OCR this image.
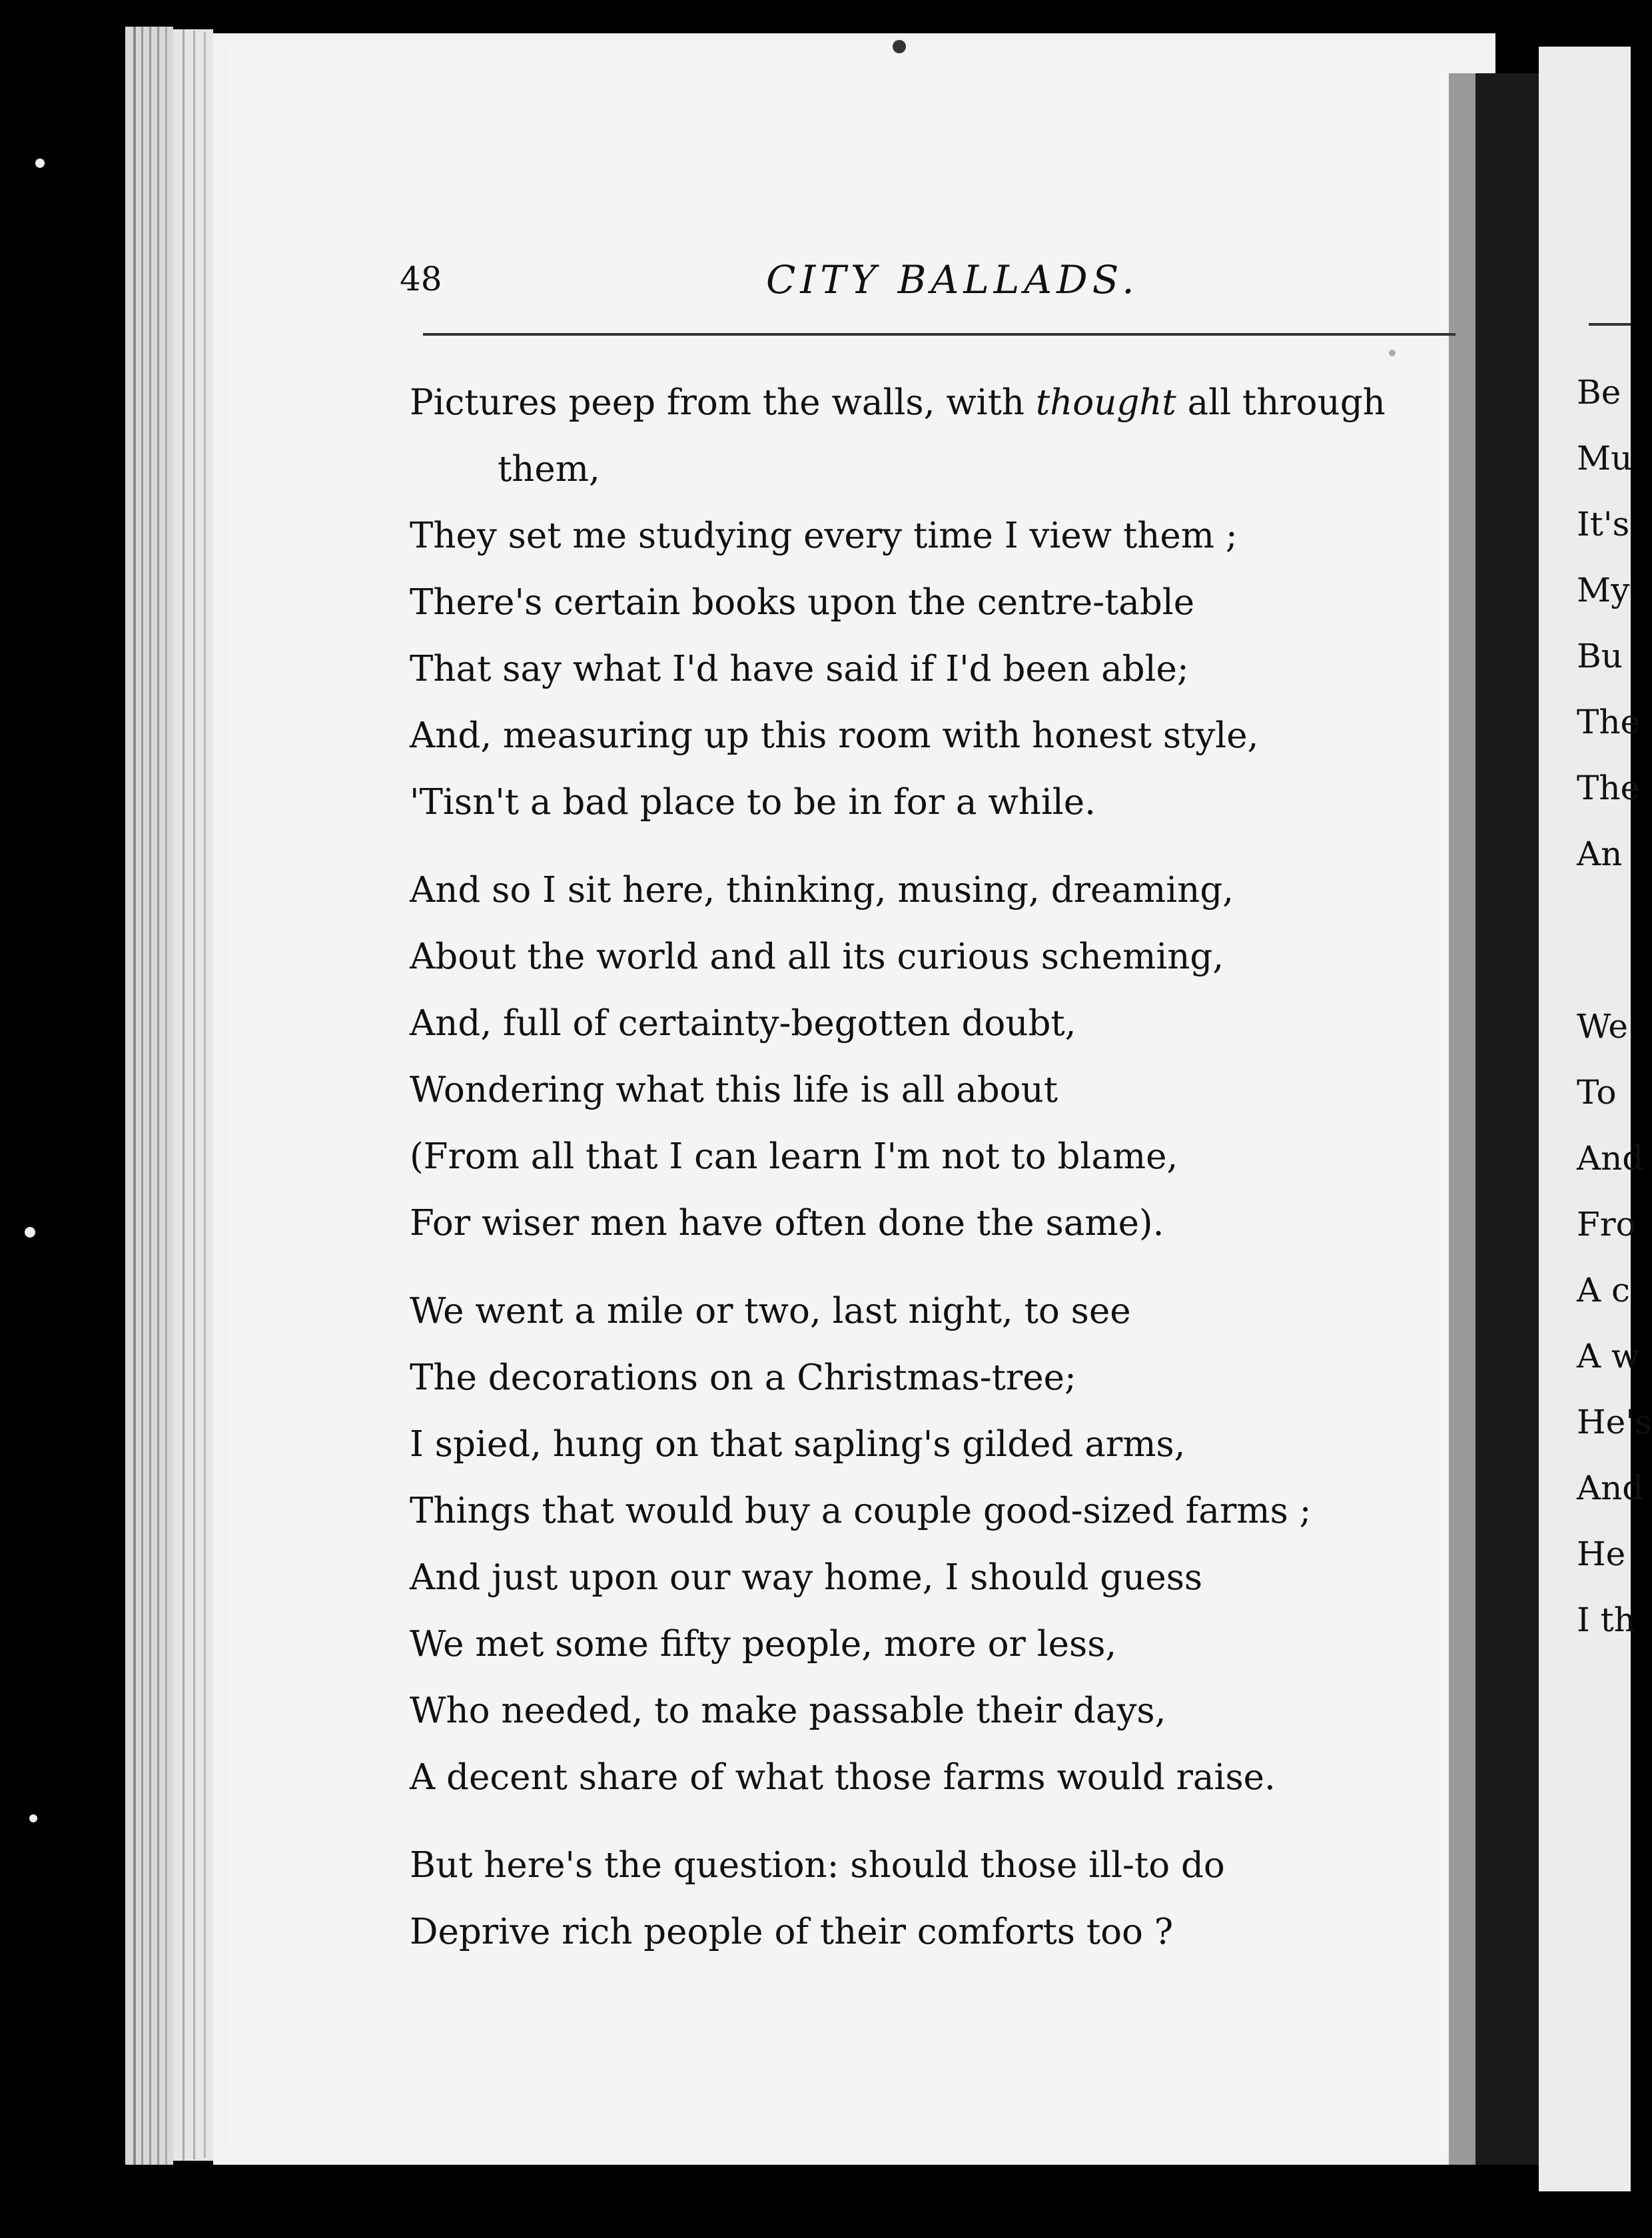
48	CITY BALLADS.
Pictures peep from the walls, with thought all through
them,
They set me studying every time I view them ;
There's certain books upon the centre-table
That say what I'd have said if I'd been able;
And, measuring up this room with honest style,
'Tisn't a bad place to be in for a while.
And so I sit here, thinking, musing, dreaming,
About the world and all its curious scheming,
And, full of certainty-begotten doubt,
Wondering what this life is all about
(From all that I can learn I'm not to blame,
For wiser men have often done the same).
We went a mile or two, last night, to see
The decorations on a Christmas-tree;
I spied, hung on that sapling's gilded arms,
Things that would buy a couple good-sized farms ;
And just upon our way home, I should guess
We met some fifty people, more or less,
Who needed, to make passable their days,
A decent share of what those farms would raise.
But here's the question: should those ill-to do
Deprive rich people of their comforts too ?
Be
Mu
It's
My
Bu
The
The
An
We
To
And
Fro
A c
A w
He's
And
He
I th
